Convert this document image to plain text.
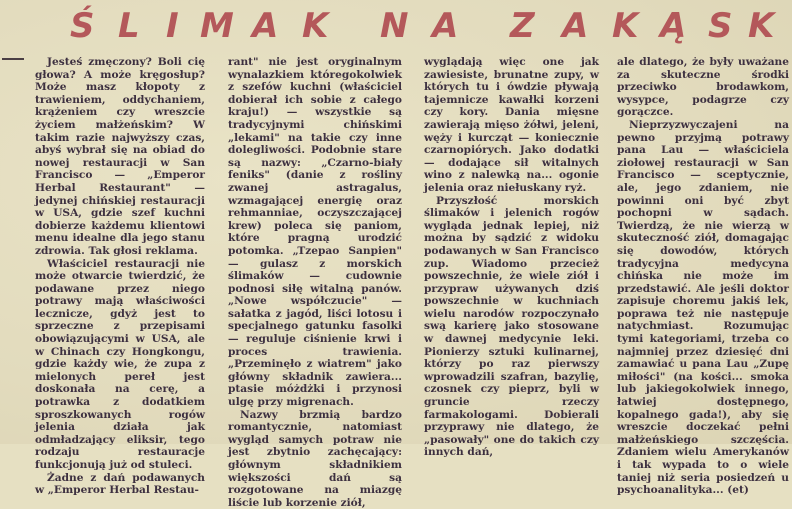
Ś L I M A K N A Z A K Ą S K

Jesteś zmęczony? Boli cię głowa? A może kręgosłup? Może masz kłopoty z trawieniem, oddychaniem, krążeniem czy wreszcie życiem małżeńskim? W takim razie najwyższy czas, abyś wybrał się na obiad do nowej restauracji w San Francisco — „Emperor Herbal Restaurant" — jedynej chińskiej restauracji w USA, gdzie szef kuchni dobierze każdemu klientowi menu idealne dla jego stanu zdrowia. Tak głosi reklama.

Właściciel restauracji nie może otwarcie twierdzić, że podawane przez niego potrawy mają właściwości lecznicze, gdyż jest to sprzeczne z przepisami obowiązującymi w USA, ale w Chinach czy Hongkongu, gdzie każdy wie, że zupa z mielonych pereł jest doskonała na cerę, a potrawka z dodatkiem sproszkowanych rogów jelenia działa jak odmładzający eliksir, tego rodzaju restauracje funkcjonują już od stuleci.

Żadne z dań podawanych w „Emperor Herbal Restau-

rant" nie jest oryginalnym wynalazkiem któregokolwiek z szefów kuchni (właściciel dobierał ich sobie z całego kraju!) — wszystkie są tradycyjnymi chińskimi „lekami" na takie czy inne dolegliwości. Podobnie stare są nazwy: „Czarno-biały feniks" (danie z rośliny zwanej astragalus, wzmagającej energię oraz rehmanniae, oczyszczającej krew) poleca się paniom, które pragną urodzić potomka. „Tzepao Sanpien" — gulasz z morskich ślimaków — cudownie podnosi siłę witalną panów. „Nowe współczucie" — sałatka z jagód, liści lotosu i specjalnego gatunku fasolki — reguluje ciśnienie krwi i proces trawienia. „Przeminęło z wiatrem" jako główny składnik zawiera... ptasie móżdżki i przynosi ulgę przy migrenach.

Nazwy brzmią bardzo romantycznie, natomiast wygląd samych potraw nie jest zbytnio zachęcający: głównym składnikiem większości dań są rozgotowane na miazgę liście lub korzenie ziół,

wyglądają więc one jak zawiesiste, brunatne zupy, w których tu i ówdzie pływają tajemnicze kawałki korzeni czy kory. Dania mięsne zawierają mięso żółwi, jeleni, węży i kurcząt — koniecznie czarnopiórych. Jako dodatki — dodające sił witalnych wino z nalewką na... ogonie jelenia oraz niełuskany ryż.

Przyszłość morskich ślimaków i jelenich rogów wygląda jednak lepiej, niż można by sądzić z widoku podawanych w San Francisco zup. Wiadomo przecież powszechnie, że wiele ziół i przypraw używanych dziś powszechnie w kuchniach wielu narodów rozpoczynało swą karierę jako stosowane w dawnej medycynie leki. Pionierzy sztuki kulinarnej, którzy po raz pierwszy wprowadzili szafran, bazylię, czosnek czy pieprz, byli w gruncie rzeczy farmakologami. Dobierali przyprawy nie dlatego, że „pasowały" one do takich czy innych dań,

ale dlatego, że były uważane za skuteczne środki przeciwko brodawkom, wysypce, podagrze czy gorączce.

Nieprzyzwyczajeni na pewno przyjmą potrawy pana Lau — właściciela ziołowej restauracji w San Francisco — sceptycznie, ale, jego zdaniem, nie powinni oni być zbyt pochopni w sądach. Twierdzą, że nie wierzą w skuteczność ziół, domagając się dowodów, których tradycyjna medycyna chińska nie może im przedstawić. Ale jeśli doktor zapisuje choremu jakiś lek, poprawa też nie następuje natychmiast. Rozumując tymi kategoriami, trzeba co najmniej przez dziesięć dni zamawiać u pana Lau „Zupę miłości" (na kości... smoka lub jakiegokolwiek innego, łatwiej dostępnego, kopalnego gada!), aby się wreszcie doczekać pełni małżeńskiego szczęścia. Zdaniem wielu Amerykanów i tak wypada to o wiele taniej niż seria posiedzeń u psychoanalityka... (et)
